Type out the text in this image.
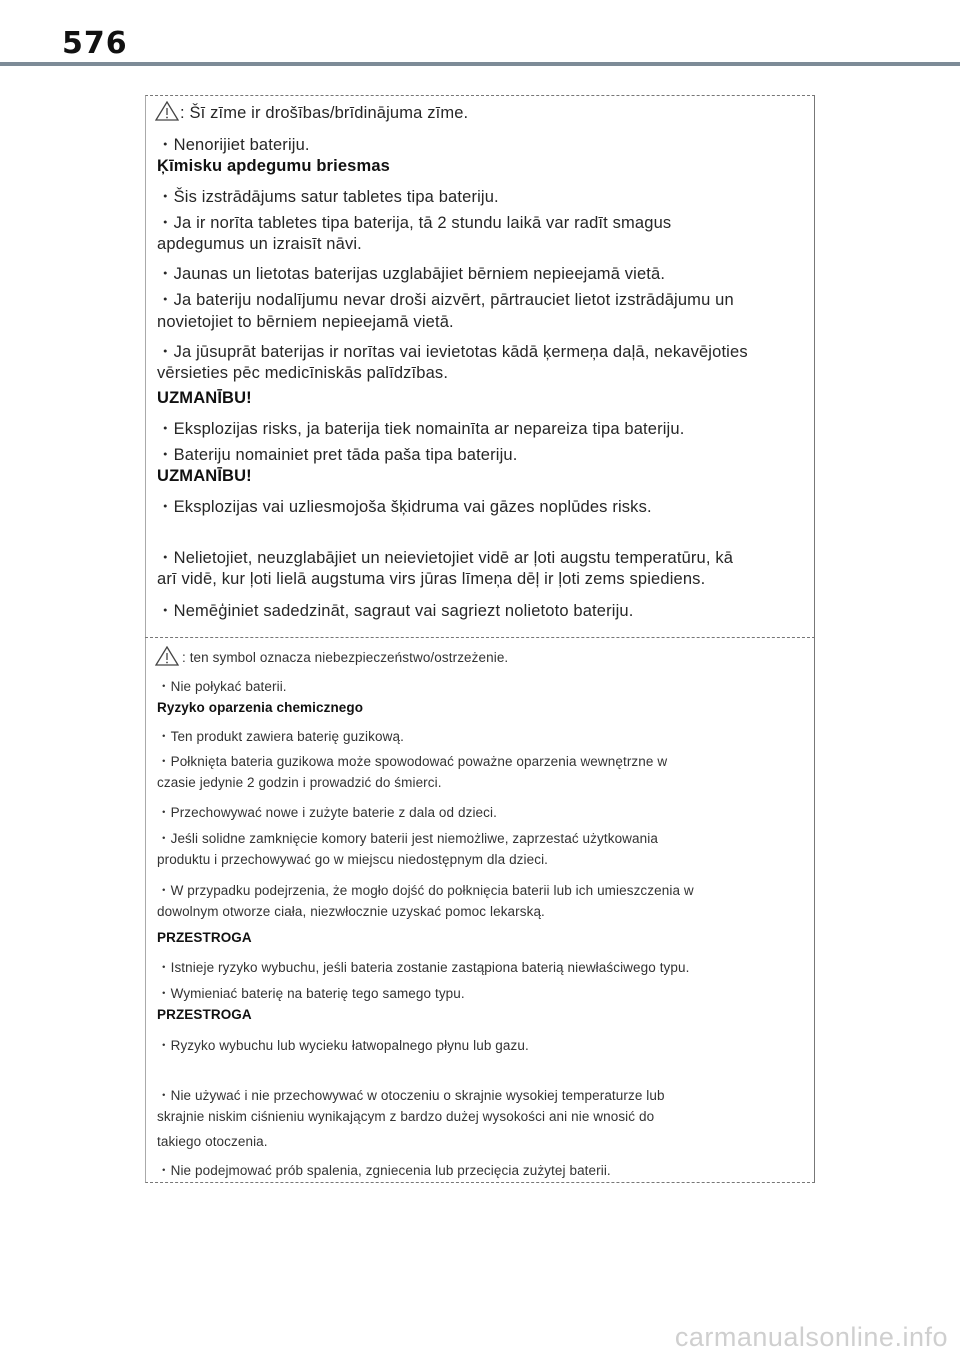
576
: Šī zīme ir drošības/brīdinājuma zīme.
・Nenorijiet bateriju.
Ķīmisku apdegumu briesmas
・Šis izstrādājums satur tabletes tipa bateriju.
・Ja ir norīta tabletes tipa baterija, tā 2 stundu laikā var radīt smagus
apdegumus un izraisīt nāvi.
・Jaunas un lietotas baterijas uzglabājiet bērniem nepieejamā vietā.
・Ja bateriju nodalījumu nevar droši aizvērt, pārtrauciet lietot izstrādājumu un
novietojiet to bērniem nepieejamā vietā.
・Ja jūsuprāt baterijas ir norītas vai ievietotas kādā ķermeņa daļā, nekavējoties
vērsieties pēc medicīniskās palīdzības.
UZMANĪBU!
・Eksplozijas risks, ja baterija tiek nomainīta ar nepareiza tipa bateriju.
・Bateriju nomainiet pret tāda paša tipa bateriju.
UZMANĪBU!
・Eksplozijas vai uzliesmojoša šķidruma vai gāzes noplūdes risks.
・Nelietojiet, neuzglabājiet un neievietojiet vidē ar ļoti augstu temperatūru, kā
arī vidē, kur ļoti lielā augstuma virs jūras līmeņa dēļ ir ļoti zems spiediens.
・Nemēģiniet sadedzināt, sagraut vai sagriezt nolietoto bateriju.
: ten symbol oznacza niebezpieczeństwo/ostrzeżenie.
・Nie połykać baterii.
Ryzyko oparzenia chemicznego
・Ten produkt zawiera baterię guzikową.
・Połknięta bateria guzikowa może spowodować poważne oparzenia wewnętrzne w
czasie jedynie 2 godzin i prowadzić do śmierci.
・Przechowywać nowe i zużyte baterie z dala od dzieci.
・Jeśli solidne zamknięcie komory baterii jest niemożliwe, zaprzestać użytkowania
produktu i przechowywać go w miejscu niedostępnym dla dzieci.
・W przypadku podejrzenia, że mogło dojść do połknięcia baterii lub ich umieszczenia w
dowolnym otworze ciała, niezwłocznie uzyskać pomoc lekarską.
PRZESTROGA
・Istnieje ryzyko wybuchu, jeśli bateria zostanie zastąpiona baterią niewłaściwego typu.
・Wymieniać baterię na baterię tego samego typu.
PRZESTROGA
・Ryzyko wybuchu lub wycieku łatwopalnego płynu lub gazu.
・Nie używać i nie przechowywać w otoczeniu o skrajnie wysokiej temperaturze lub
skrajnie niskim ciśnieniu wynikającym z bardzo dużej wysokości ani nie wnosić do
takiego otoczenia.
・Nie podejmować prób spalenia, zgniecenia lub przecięcia zużytej baterii.
carmanualsonline.info
